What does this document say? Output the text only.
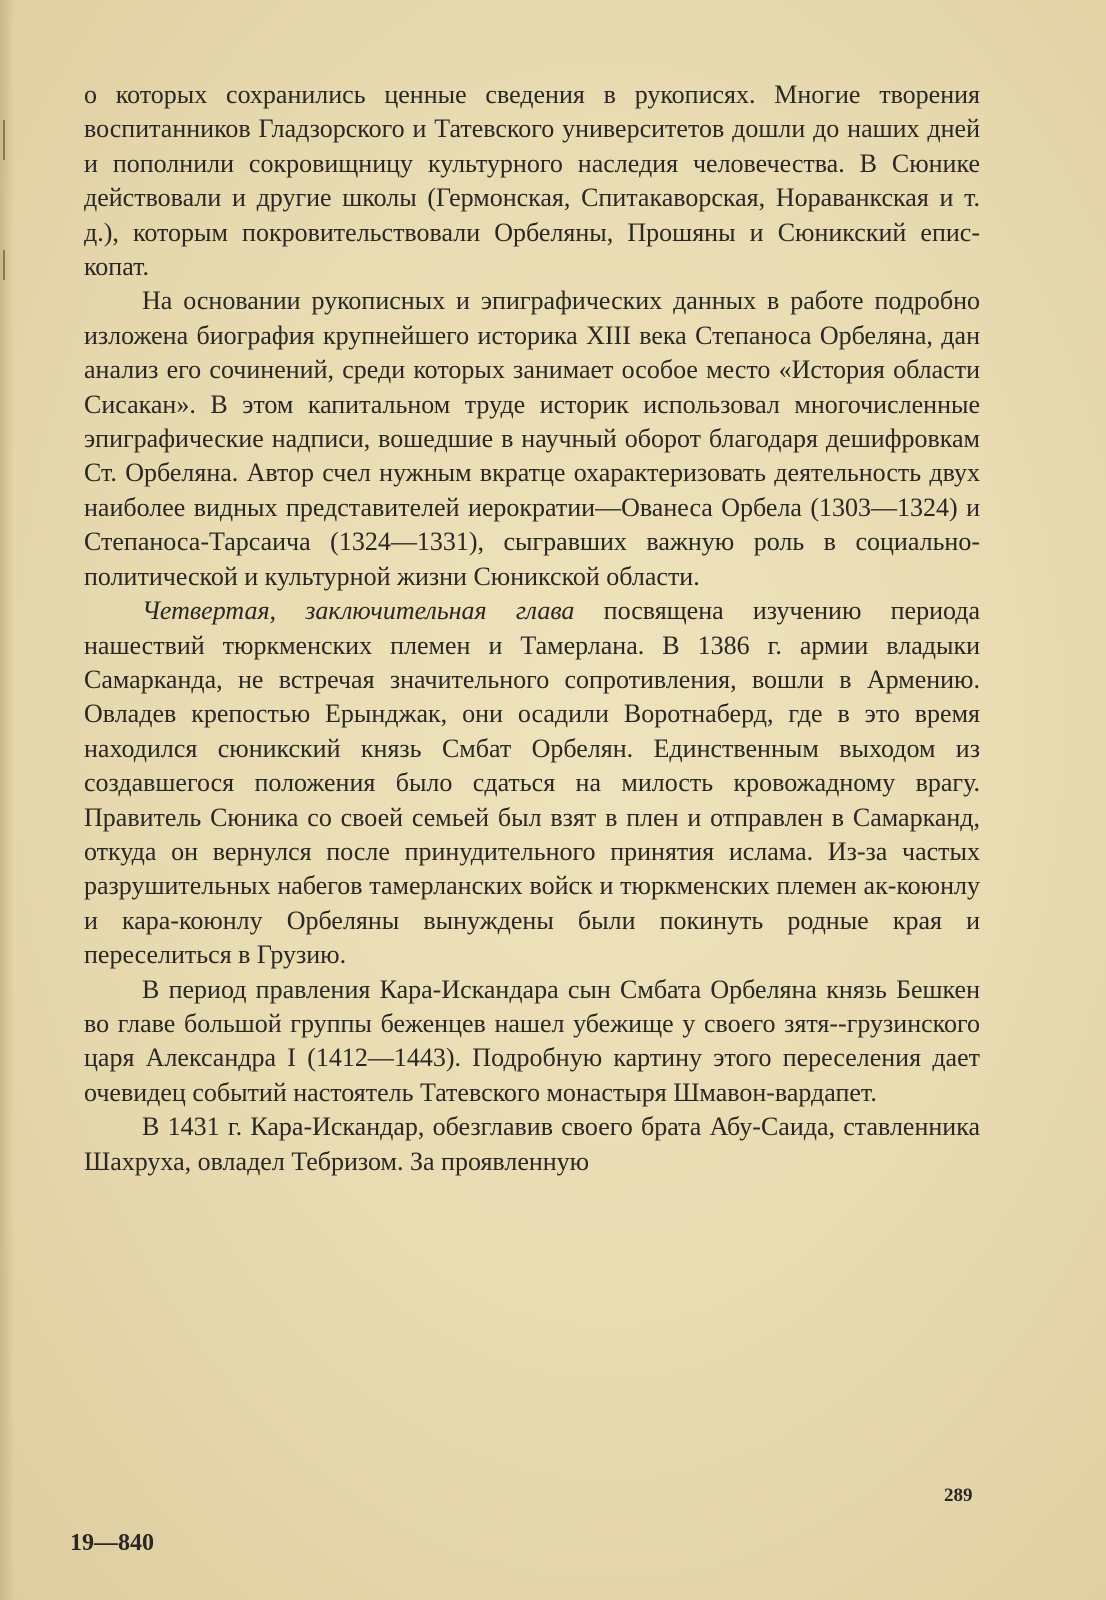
о которых сохранились ценные сведения в рукописях. Многие творения воспитанников Гладзорского и Татевского университетов дошли до наших дней и пополнили сокровищницу культурного наследия человечества. В Сюнике действовали и другие школы (Гермонская, Спитакаворская, Нораванкская и т. д.), которым покровительствовали Орбеляны, Прошяны и Сюникский епископат.

На основании рукописных и эпиграфических данных в работе подробно изложена биография крупнейшего историка XIII века Степаноса Орбеляна, дан анализ его сочинений, среди которых занимает особое место «История области Сисакан». В этом капитальном труде историк использовал многочисленные эпиграфические надписи, вошедшие в научный оборот благодаря дешифровкам Ст. Орбеляна. Автор счел нужным вкратце охарактеризовать деятельность двух наиболее видных представителей иерократии—Ованеса Орбела (1303—1324) и Степаноса-Тарсаича (1324—1331), сыгравших важную роль в социально-политической и культурной жизни Сюникской области.

Четвертая, заключительная глава посвящена изучению периода нашествий тюркменских племен и Тамерлана. В 1386 г. армии владыки Самарканда, не встречая значительного сопротивления, вошли в Армению. Овладев крепостью Ерынджак, они осадили Воротнаберд, где в это время находился сюникский князь Смбат Орбелян. Единственным выходом из создавшегося положения было сдаться на милость кровожадному врагу. Правитель Сюника со своей семьей был взят в плен и отправлен в Самарканд, откуда он вернулся после принудительного принятия ислама. Из-за частых разрушительных набегов тамерланских войск и тюркменских племен ак-коюнлу и кара-коюнлу Орбеляны вынуждены были покинуть родные края и переселиться в Грузию.

В период правления Кара-Искандара сын Смбата Орбеляна князь Бешкен во главе большой группы беженцев нашел убежище у своего зятя--грузинского царя Александра I (1412—1443). Подробную картину этого переселения дает очевидец событий настоятель Татевского монастыря Шмавон-вардапет.

В 1431 г. Кара-Искандар, обезглавив своего брата Абу-Саида, ставленника Шахруха, овладел Тебризом. За проявленную

289
19—840
